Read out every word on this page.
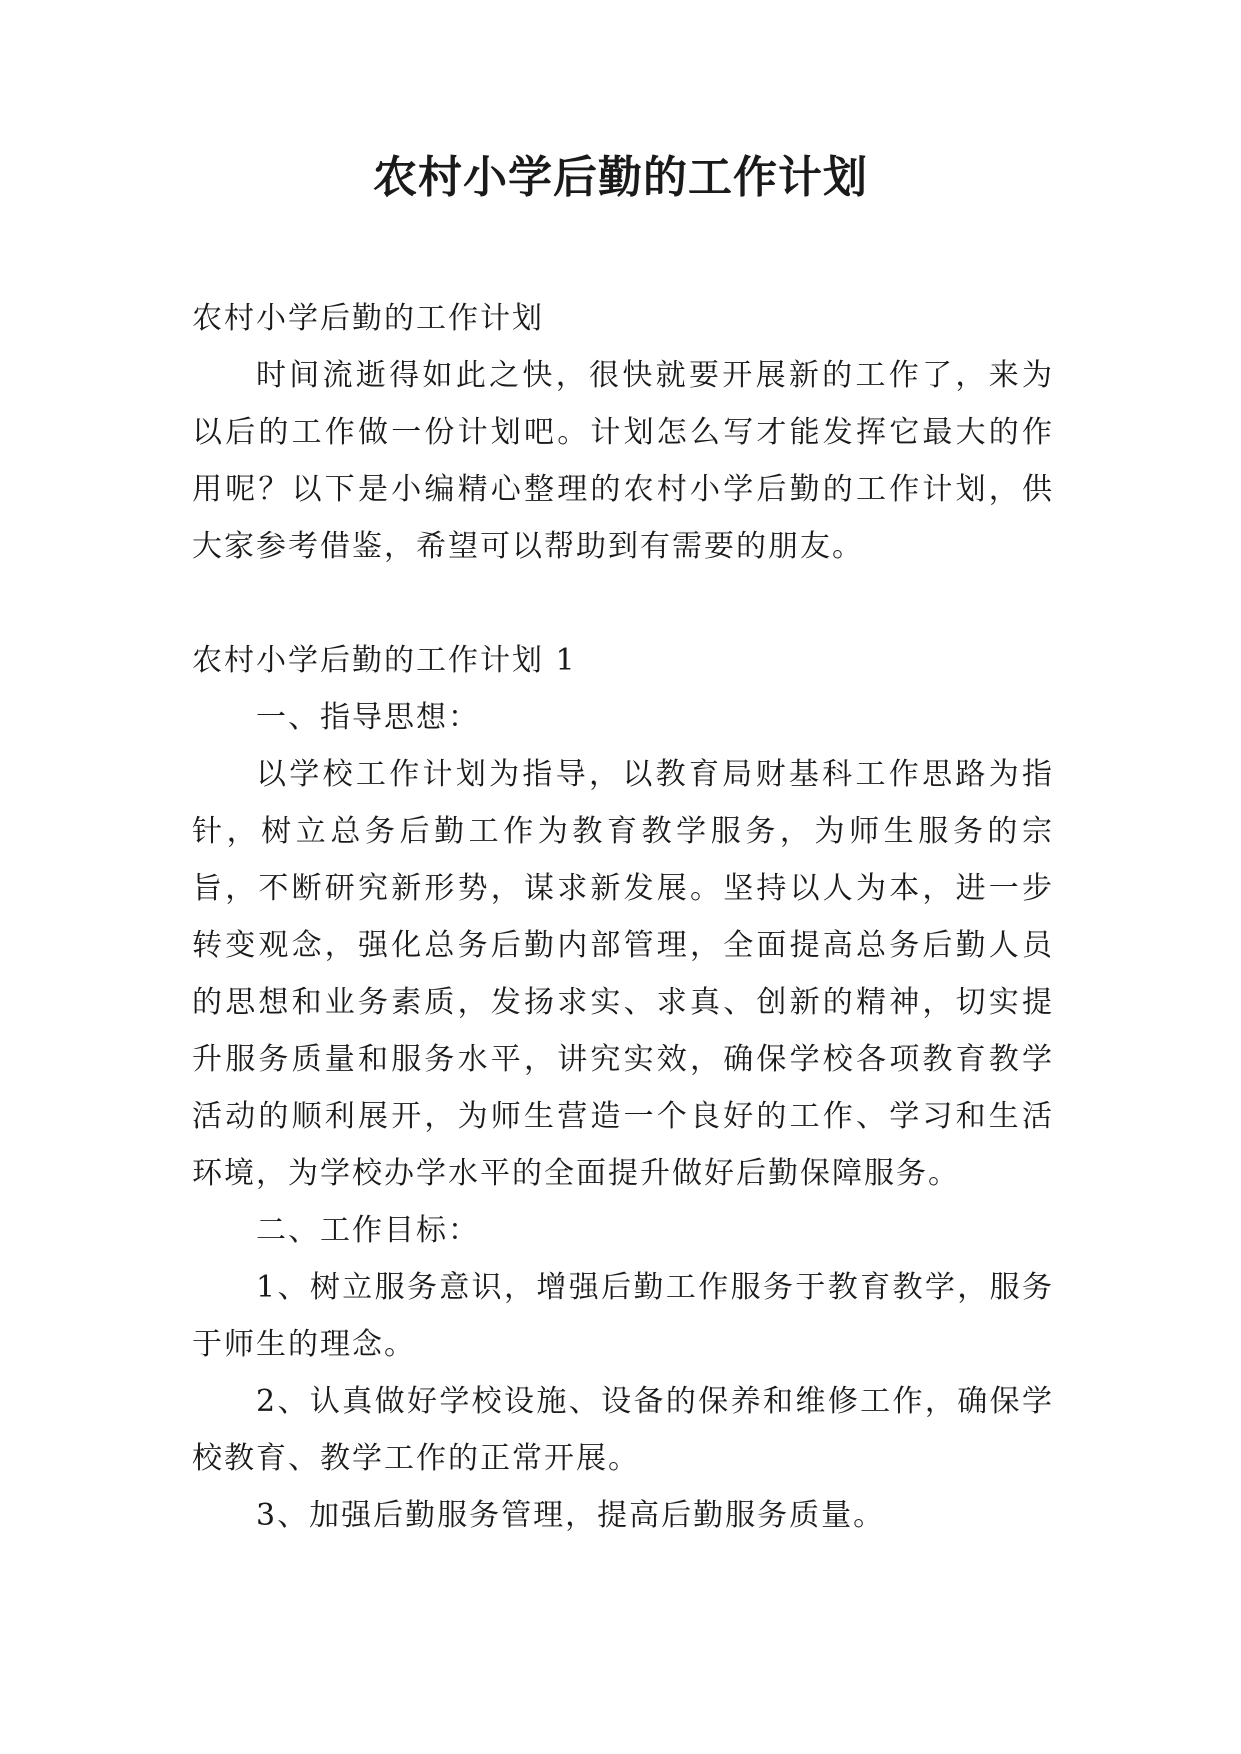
农村小学后勤的工作计划

农村小学后勤的工作计划

时间流逝得如此之快，很快就要开展新的工作了，来为以后的工作做一份计划吧。计划怎么写才能发挥它最大的作用呢？以下是小编精心整理的农村小学后勤的工作计划，供大家参考借鉴，希望可以帮助到有需要的朋友。

农村小学后勤的工作计划 1

一、指导思想：

以学校工作计划为指导，以教育局财基科工作思路为指针，树立总务后勤工作为教育教学服务，为师生服务的宗旨，不断研究新形势，谋求新发展。坚持以人为本，进一步转变观念，强化总务后勤内部管理，全面提高总务后勤人员的思想和业务素质，发扬求实、求真、创新的精神，切实提升服务质量和服务水平，讲究实效，确保学校各项教育教学活动的顺利展开，为师生营造一个良好的工作、学习和生活环境，为学校办学水平的全面提升做好后勤保障服务。

二、工作目标：

1、树立服务意识，增强后勤工作服务于教育教学，服务于师生的理念。

2、认真做好学校设施、设备的保养和维修工作，确保学校教育、教学工作的正常开展。

3、加强后勤服务管理，提高后勤服务质量。
